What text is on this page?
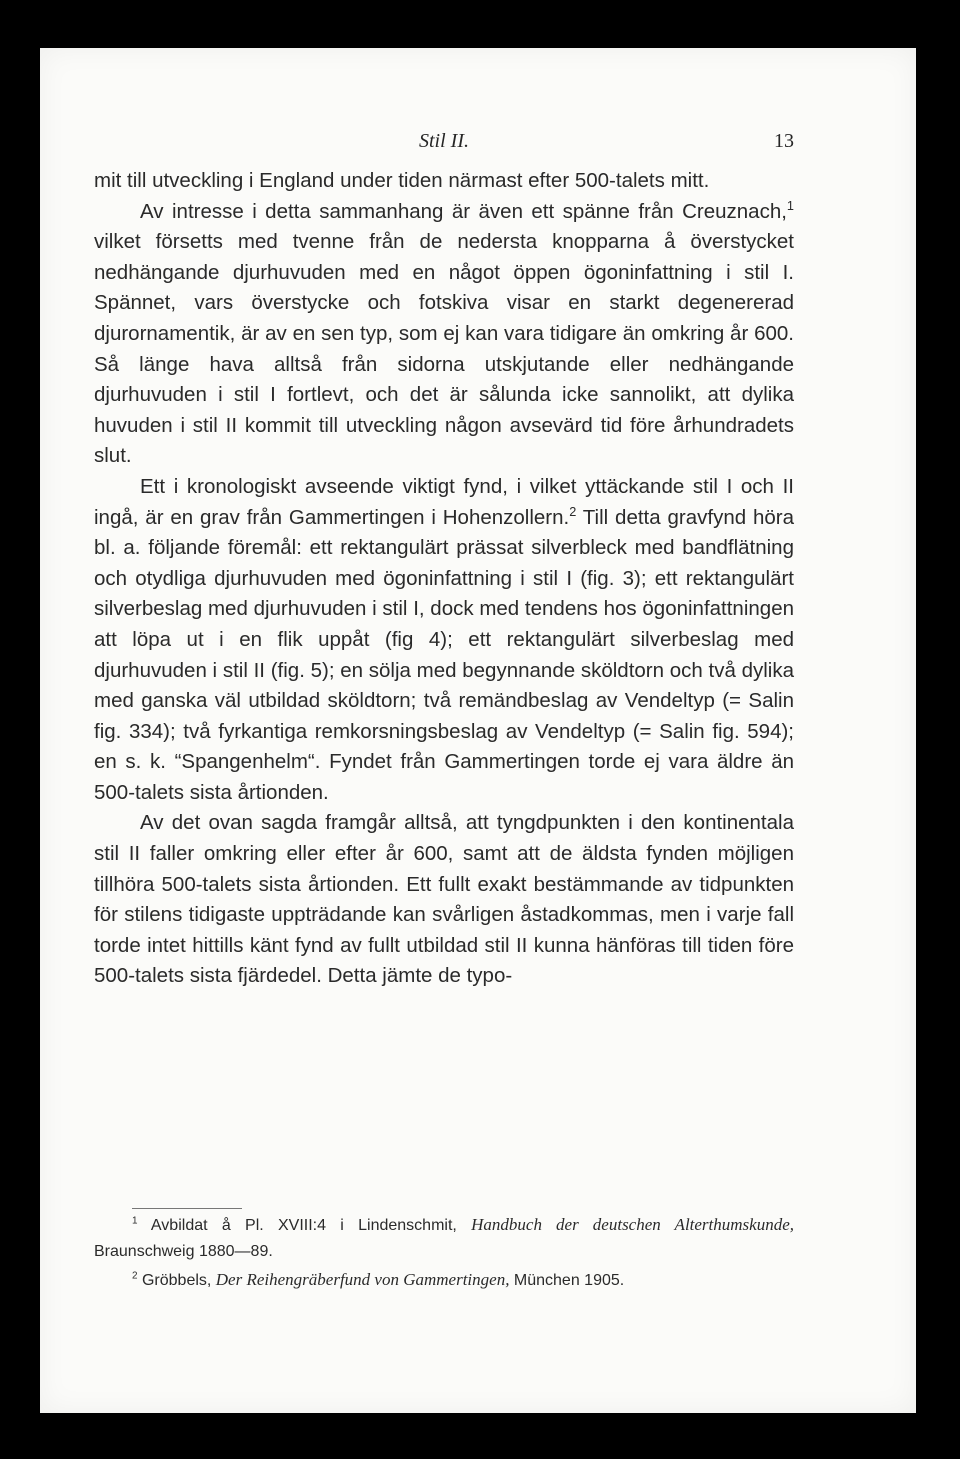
Stil II.	13

mit till utveckling i England under tiden närmast efter 500-talets mitt.

Av intresse i detta sammanhang är även ett spänne från Creuznach,$^1$ vilket försetts med tvenne från de nedersta knopparna å överstycket nedhängande djurhuvuden med en något öppen ögoninfattning i stil I. Spännet, vars överstycke och fotskiva visar en starkt degenererad djurornamentik, är av en sen typ, som ej kan vara tidigare än omkring år 600. Så länge hava alltså från sidorna utskjutande eller nedhängande djurhuvuden i stil I fortlevt, och det är sålunda icke sannolikt, att dylika huvuden i stil II kommit till utveckling någon avsevärd tid före århundradets slut.

Ett i kronologiskt avseende viktigt fynd, i vilket yttäckande stil I och II ingå, är en grav från Gammertingen i Hohenzollern.$^2$ Till detta gravfynd höra bl. a. följande föremål: ett rektangulärt prässat silverbleck med bandflätning och otydliga djurhuvuden med ögoninfattning i stil I (fig. 3); ett rektangulärt silverbeslag med djurhuvuden i stil I, dock med tendens hos ögoninfattningen att löpa ut i en flik uppåt (fig 4); ett rektangulärt silverbeslag med djurhuvuden i stil II (fig. 5); en sölja med begynnande sköldtorn och två dylika med ganska väl utbildad sköldtorn; två remändbeslag av Vendeltyp (= Salin fig. 334); två fyrkantiga remkorsningsbeslag av Vendeltyp (= Salin fig. 594); en s. k. “Spangenhelm“. Fyndet från Gammertingen torde ej vara äldre än 500-talets sista årtionden.

Av det ovan sagda framgår alltså, att tyngdpunkten i den kontinentala stil II faller omkring eller efter år 600, samt att de äldsta fynden möjligen tillhöra 500-talets sista årtionden. Ett fullt exakt bestämmande av tidpunkten för stilens tidigaste uppträdande kan svårligen åstadkommas, men i varje fall torde intet hittills känt fynd av fullt utbildad stil II kunna hänföras till tiden före 500-talets sista fjärdedel. Detta jämte de typo-

$^1$ Avbildat å Pl. XVIII:4 i Lindenschmit, Handbuch der deutschen Alterthumskunde, Braunschweig 1880—89.

$^2$ Gröbbels, Der Reihengräberfund von Gammertingen, München 1905.
